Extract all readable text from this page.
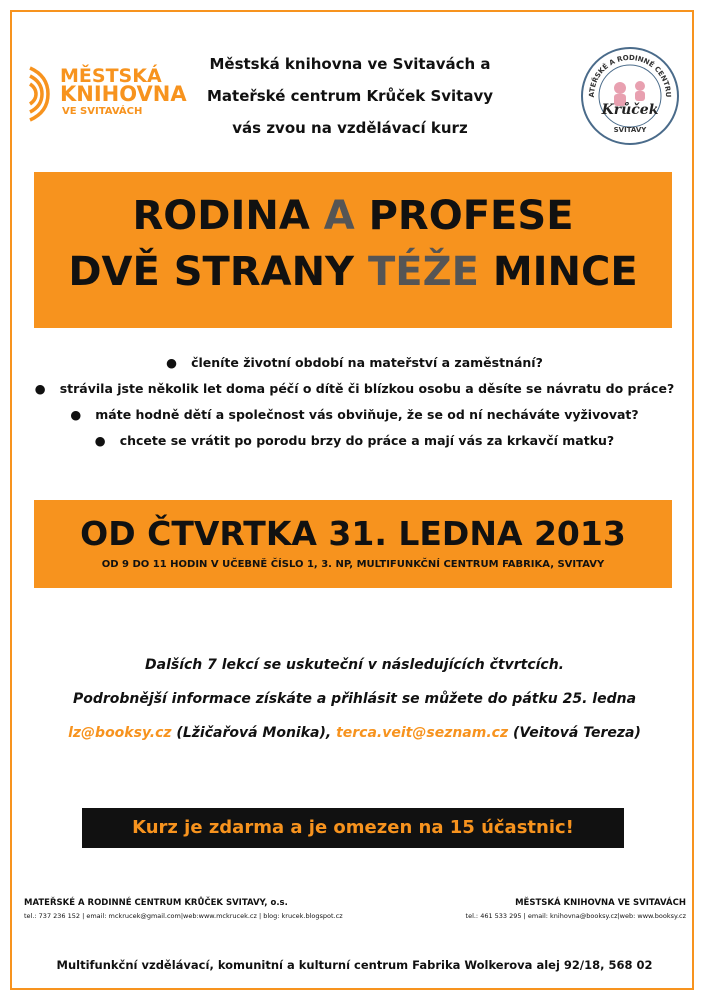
MĚSTSKÁ
KNIHOVNA
VE SVITAVÁCH
Městská knihovna ve Svitavách a
Mateřské centrum Krůček Svitavy
vás zvou na vzdělávací kurz
ATEŘSKÉ A RODINNÉ CENTRU
Krůček
SVITAVY
RODINA A PROFESE
DVĚ STRANY TÉŽE MINCE
● členíte životní období na mateřství a zaměstnání?
● strávila jste několik let doma péčí o dítě či blízkou osobu a děsíte se návratu do práce?
● máte hodně dětí a společnost vás obviňuje, že se od ní necháváte vyživovat?
● chcete se vrátit po porodu brzy do práce a mají vás za krkavčí matku?
OD ČTVRTKA 31. LEDNA 2013
OD 9 DO 11 HODIN V UČEBNĚ ČÍSLO 1, 3. NP, MULTIFUNKČNÍ CENTRUM FABRIKA, SVITAVY
Dalších 7 lekcí se uskuteční v následujících čtvrtcích.
Podrobnější informace získáte a přihlásit se můžete do pátku 25. ledna
lz@booksy.cz (Lžičařová Monika), terca.veit@seznam.cz (Veitová Tereza)
Kurz je zdarma a je omezen na 15 účastnic!
MATEŘSKÉ A RODINNÉ CENTRUM KRŮČEK SVITAVY, o.s.
tel.: 737 236 152 | email: mckrucek@gmail.com|web:www.mckrucek.cz | blog: krucek.blogspot.cz
MĚSTSKÁ KNIHOVNA VE SVITAVÁCH
tel.: 461 533 295 | email: knihovna@booksy.cz|web: www.booksy.cz
Multifunkční vzdělávací, komunitní a kulturní centrum Fabrika Wolkerova alej 92/18, 568 02
